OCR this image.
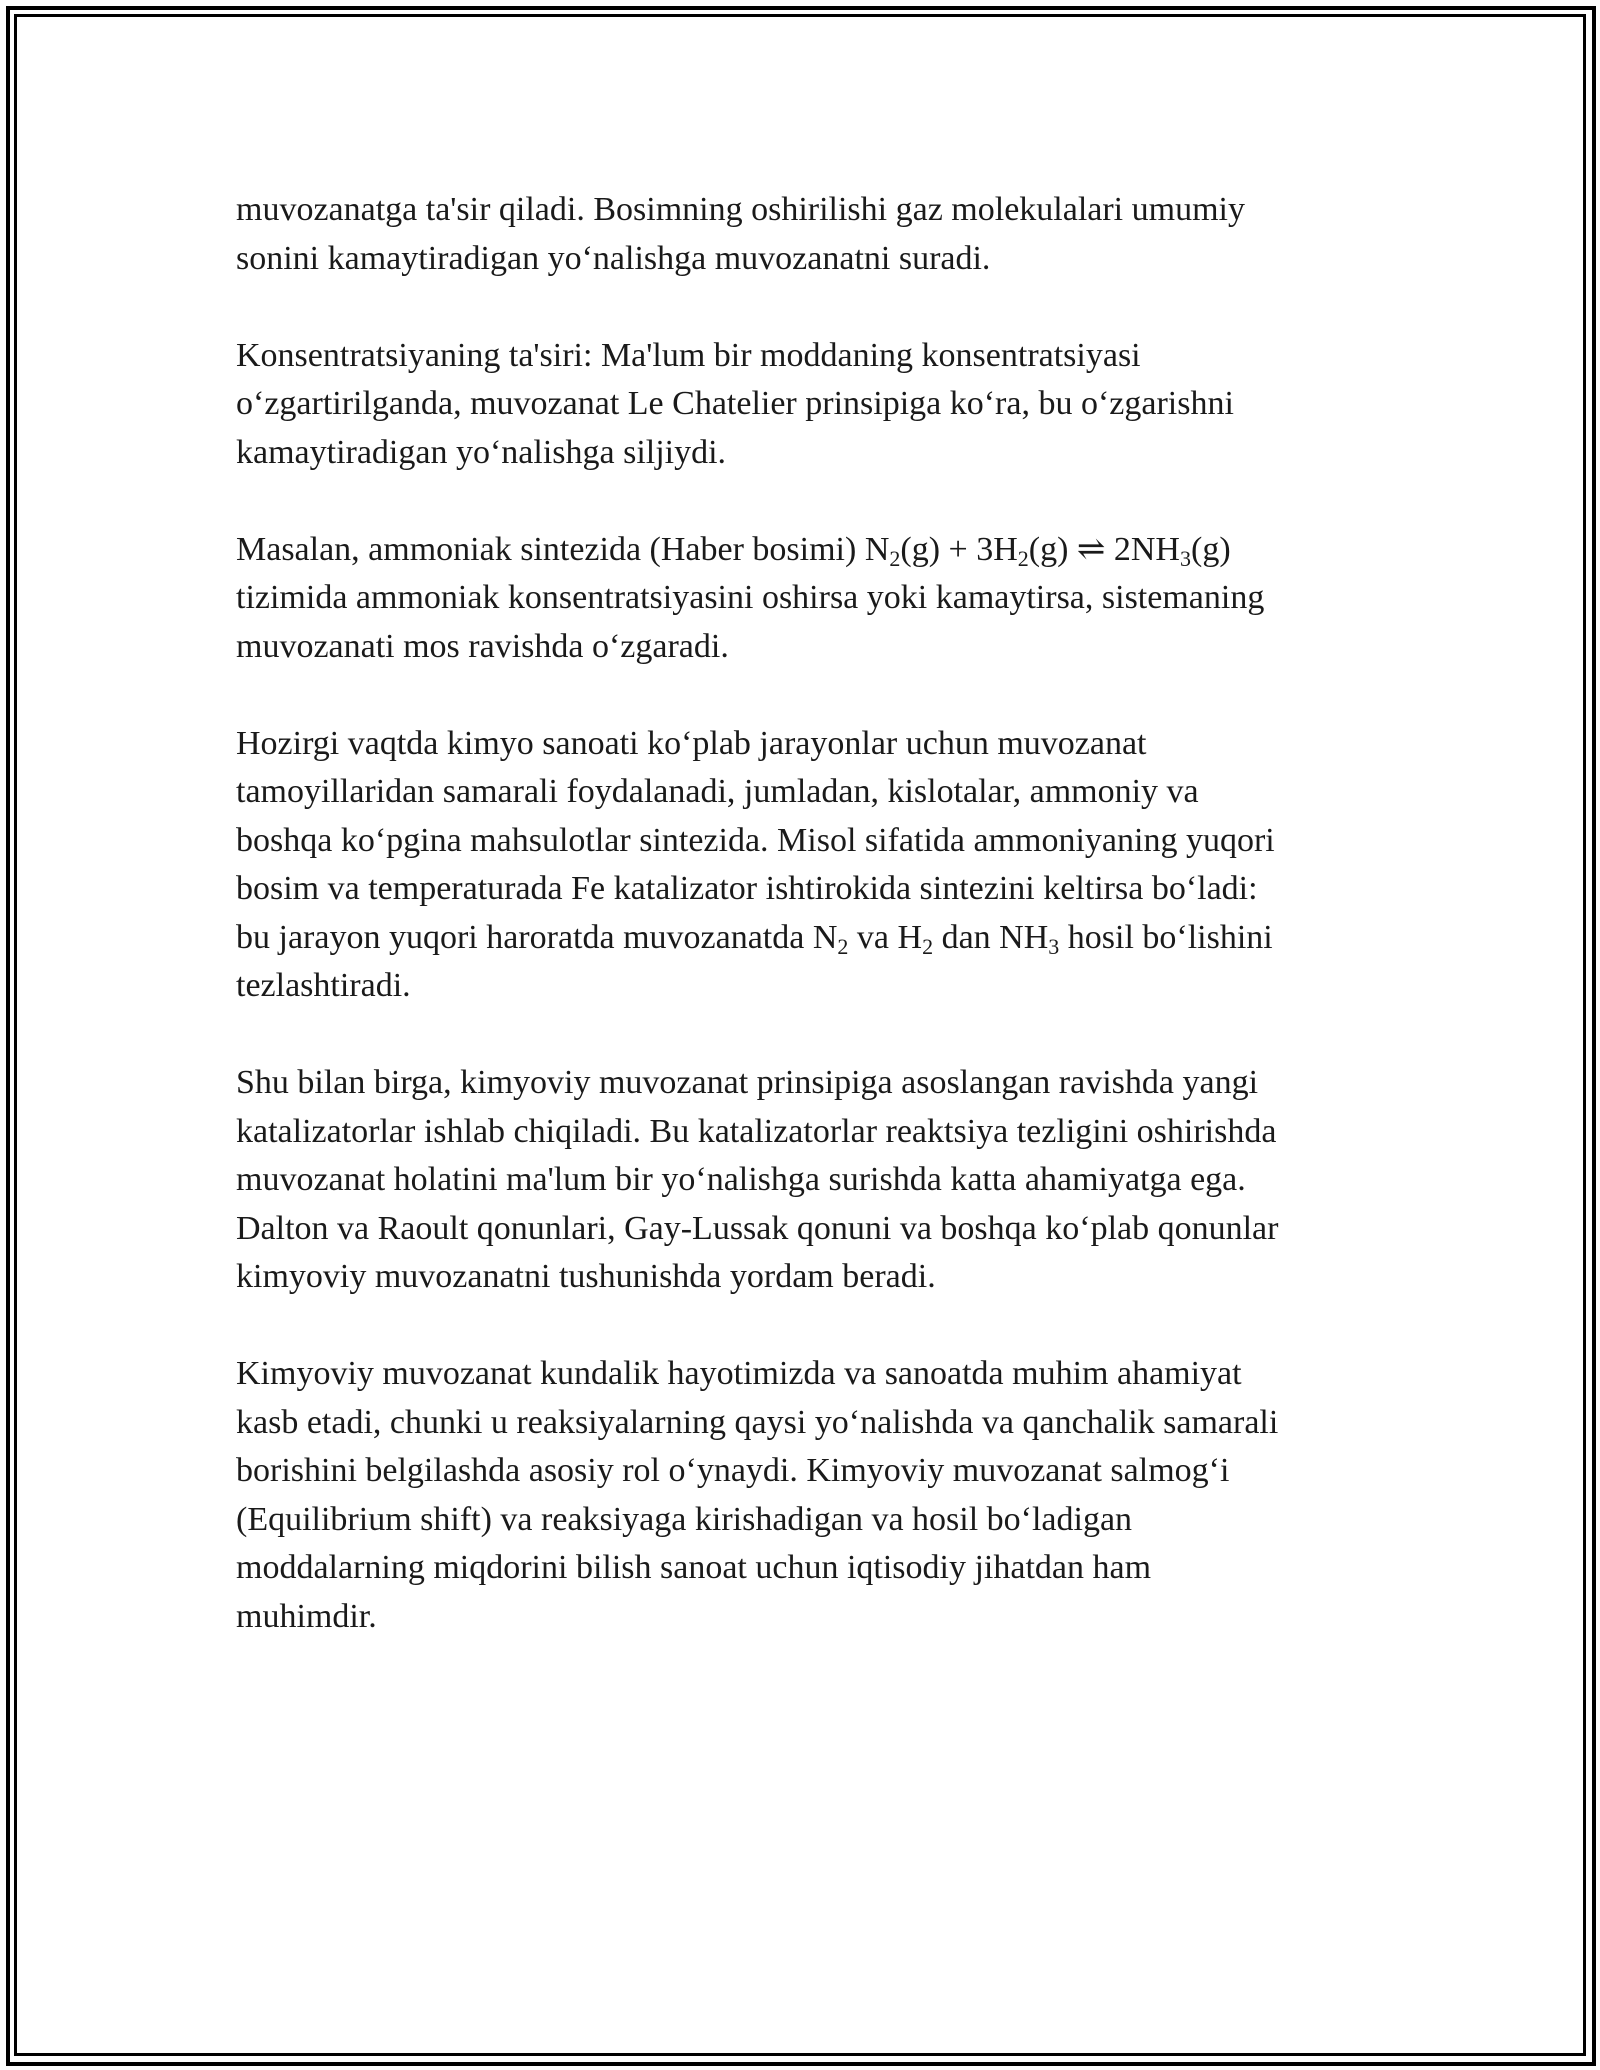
muvozanatga ta'sir qiladi. Bosimning oshirilishi gaz molekulalari umumiy
sonini kamaytiradigan yo‘nalishga muvozanatni suradi.

Konsentratsiyaning ta'siri: Ma'lum bir moddaning konsentratsiyasi
o‘zgartirilganda, muvozanat Le Chatelier prinsipiga ko‘ra, bu o‘zgarishni
kamaytiradigan yo‘nalishga siljiydi.

Masalan, ammoniak sintezida (Haber bosimi) $N_2(g) + 3H_2(g)$ ⇌ $2NH_3(g)$
tizimida ammoniak konsentratsiyasini oshirsa yoki kamaytirsa, sistemaning
muvozanati mos ravishda o‘zgaradi.

Hozirgi vaqtda kimyo sanoati ko‘plab jarayonlar uchun muvozanat
tamoyillaridan samarali foydalanadi, jumladan, kislotalar, ammoniy va
boshqa ko‘pgina mahsulotlar sintezida. Misol sifatida ammoniyaning yuqori
bosim va temperaturada Fe katalizator ishtirokida sintezini keltirsa bo‘ladi:
bu jarayon yuqori haroratda muvozanatda $N_2$ va $H_2$ dan $NH_3$ hosil bo‘lishini
tezlashtiradi.

Shu bilan birga, kimyoviy muvozanat prinsipiga asoslangan ravishda yangi
katalizatorlar ishlab chiqiladi. Bu katalizatorlar reaktsiya tezligini oshirishda
muvozanat holatini ma'lum bir yo‘nalishga surishda katta ahamiyatga ega.
Dalton va Raoult qonunlari, Gay-Lussak qonuni va boshqa ko‘plab qonunlar
kimyoviy muvozanatni tushunishda yordam beradi.

Kimyoviy muvozanat kundalik hayotimizda va sanoatda muhim ahamiyat
kasb etadi, chunki u reaksiyalarning qaysi yo‘nalishda va qanchalik samarali
borishini belgilashda asosiy rol o‘ynaydi. Kimyoviy muvozanat salmog‘i
(Equilibrium shift) va reaksiyaga kirishadigan va hosil bo‘ladigan
moddalarning miqdorini bilish sanoat uchun iqtisodiy jihatdan ham
muhimdir.
